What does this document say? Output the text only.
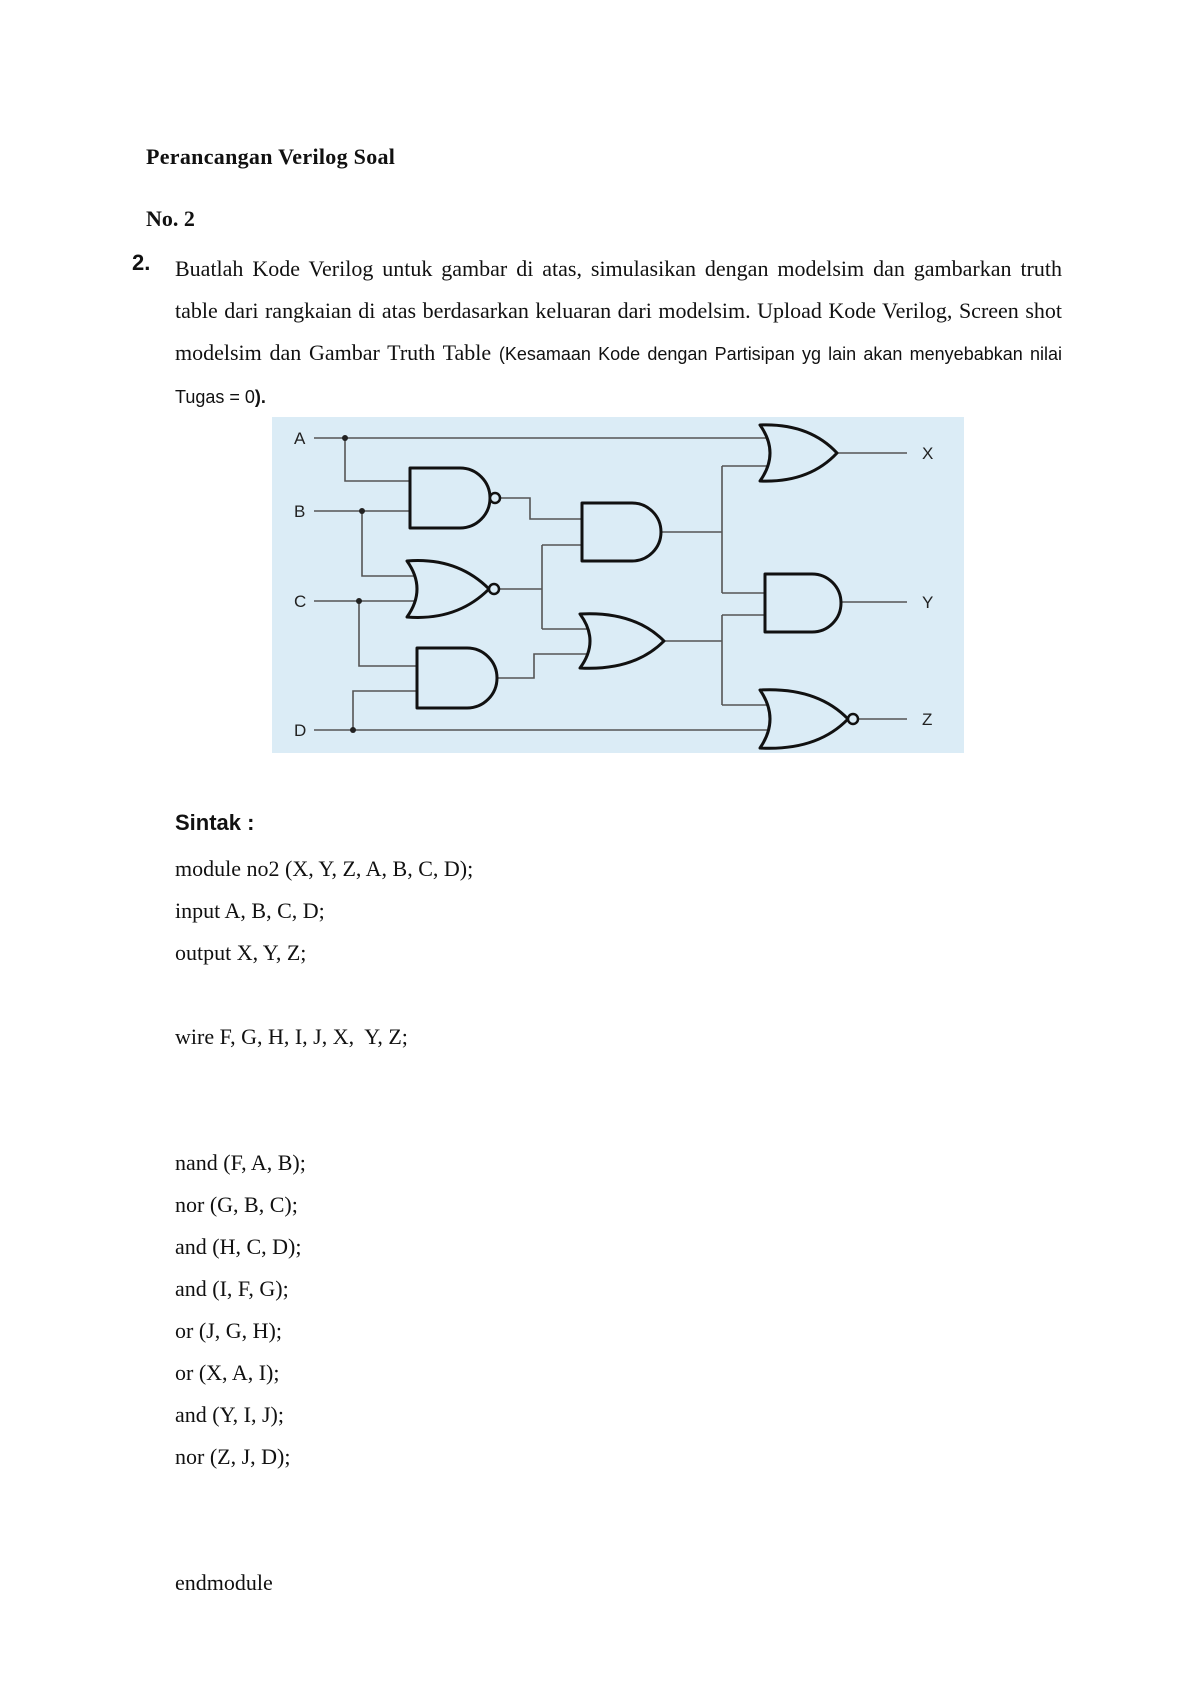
Perancangan Verilog Soal
No. 2
2. Buatlah Kode Verilog untuk gambar di atas, simulasikan dengan modelsim dan gambarkan truth table dari rangkaian di atas berdasarkan keluaran dari modelsim. Upload Kode Verilog, Screen shot modelsim dan Gambar Truth Table (Kesamaan Kode dengan Partisipan yg lain akan menyebabkan nilai Tugas = 0).
A
B
C
D
X
Y
Z
Sintak :
module no2 (X, Y, Z, A, B, C, D);
input A, B, C, D;
output X, Y, Z;
wire F, G, H, I, J, X,  Y, Z;
nand (F, A, B);
nor (G, B, C);
and (H, C, D);
and (I, F, G);
or (J, G, H);
or (X, A, I);
and (Y, I, J);
nor (Z, J, D);
endmodule
